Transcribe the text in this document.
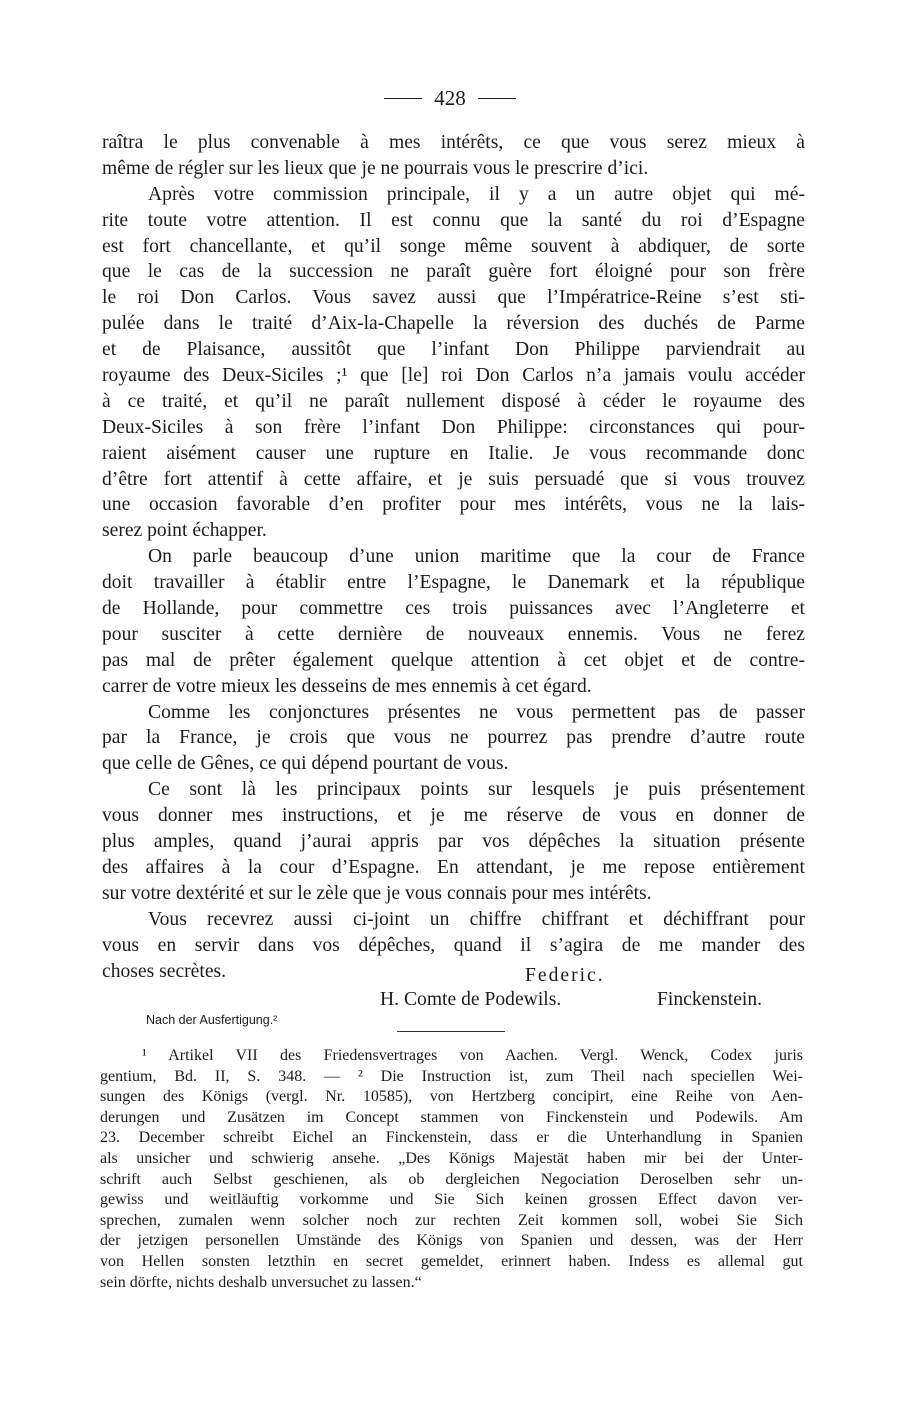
428
raîtra le plus convenable à mes intérêts, ce que vous serez mieux à
même de régler sur les lieux que je ne pourrais vous le prescrire d’ici.
Après votre commission principale, il y a un autre objet qui mé-
rite toute votre attention. Il est connu que la santé du roi d’Espagne
est fort chancellante, et qu’il songe même souvent à abdiquer, de sorte
que le cas de la succession ne paraît guère fort éloigné pour son frère
le roi Don Carlos. Vous savez aussi que l’Impératrice-Reine s’est sti-
pulée dans le traité d’Aix-la-Chapelle la réversion des duchés de Parme
et de Plaisance, aussitôt que l’infant Don Philippe parviendrait au
royaume des Deux-Siciles ;¹ que [le] roi Don Carlos n’a jamais voulu accéder
à ce traité, et qu’il ne paraît nullement disposé à céder le royaume des
Deux-Siciles à son frère l’infant Don Philippe: circonstances qui pour-
raient aisément causer une rupture en Italie. Je vous recommande donc
d’être fort attentif à cette affaire, et je suis persuadé que si vous trouvez
une occasion favorable d’en profiter pour mes intérêts, vous ne la lais-
serez point échapper.
On parle beaucoup d’une union maritime que la cour de France
doit travailler à établir entre l’Espagne, le Danemark et la république
de Hollande, pour commettre ces trois puissances avec l’Angleterre et
pour susciter à cette dernière de nouveaux ennemis. Vous ne ferez
pas mal de prêter également quelque attention à cet objet et de contre-
carrer de votre mieux les desseins de mes ennemis à cet égard.
Comme les conjonctures présentes ne vous permettent pas de passer
par la France, je crois que vous ne pourrez pas prendre d’autre route
que celle de Gênes, ce qui dépend pourtant de vous.
Ce sont là les principaux points sur lesquels je puis présentement
vous donner mes instructions, et je me réserve de vous en donner de
plus amples, quand j’aurai appris par vos dépêches la situation présente
des affaires à la cour d’Espagne. En attendant, je me repose entièrement
sur votre dextérité et sur le zèle que je vous connais pour mes intérêts.
Vous recevrez aussi ci-joint un chiffre chiffrant et déchiffrant pour
vous en servir dans vos dépêches, quand il s’agira de me mander des
choses secrètes.	Federic.
H. Comte de Podewils.	Finckenstein.
Nach der Ausfertigung.²
¹ Artikel VII des Friedensvertrages von Aachen. Vergl. Wenck, Codex juris
gentium, Bd. II, S. 348. — ² Die Instruction ist, zum Theil nach speciellen Wei-
sungen des Königs (vergl. Nr. 10585), von Hertzberg concipirt, eine Reihe von Aen-
derungen und Zusätzen im Concept stammen von Finckenstein und Podewils. Am
23. December schreibt Eichel an Finckenstein, dass er die Unterhandlung in Spanien
als unsicher und schwierig ansehe. „Des Königs Majestät haben mir bei der Unter-
schrift auch Selbst geschienen, als ob dergleichen Negociation Deroselben sehr un-
gewiss und weitläuftig vorkomme und Sie Sich keinen grossen Effect davon ver-
sprechen, zumalen wenn solcher noch zur rechten Zeit kommen soll, wobei Sie Sich
der jetzigen personellen Umstände des Königs von Spanien und dessen, was der Herr
von Hellen sonsten letzthin en secret gemeldet, erinnert haben. Indess es allemal gut
sein dörfte, nichts deshalb unversuchet zu lassen.“
